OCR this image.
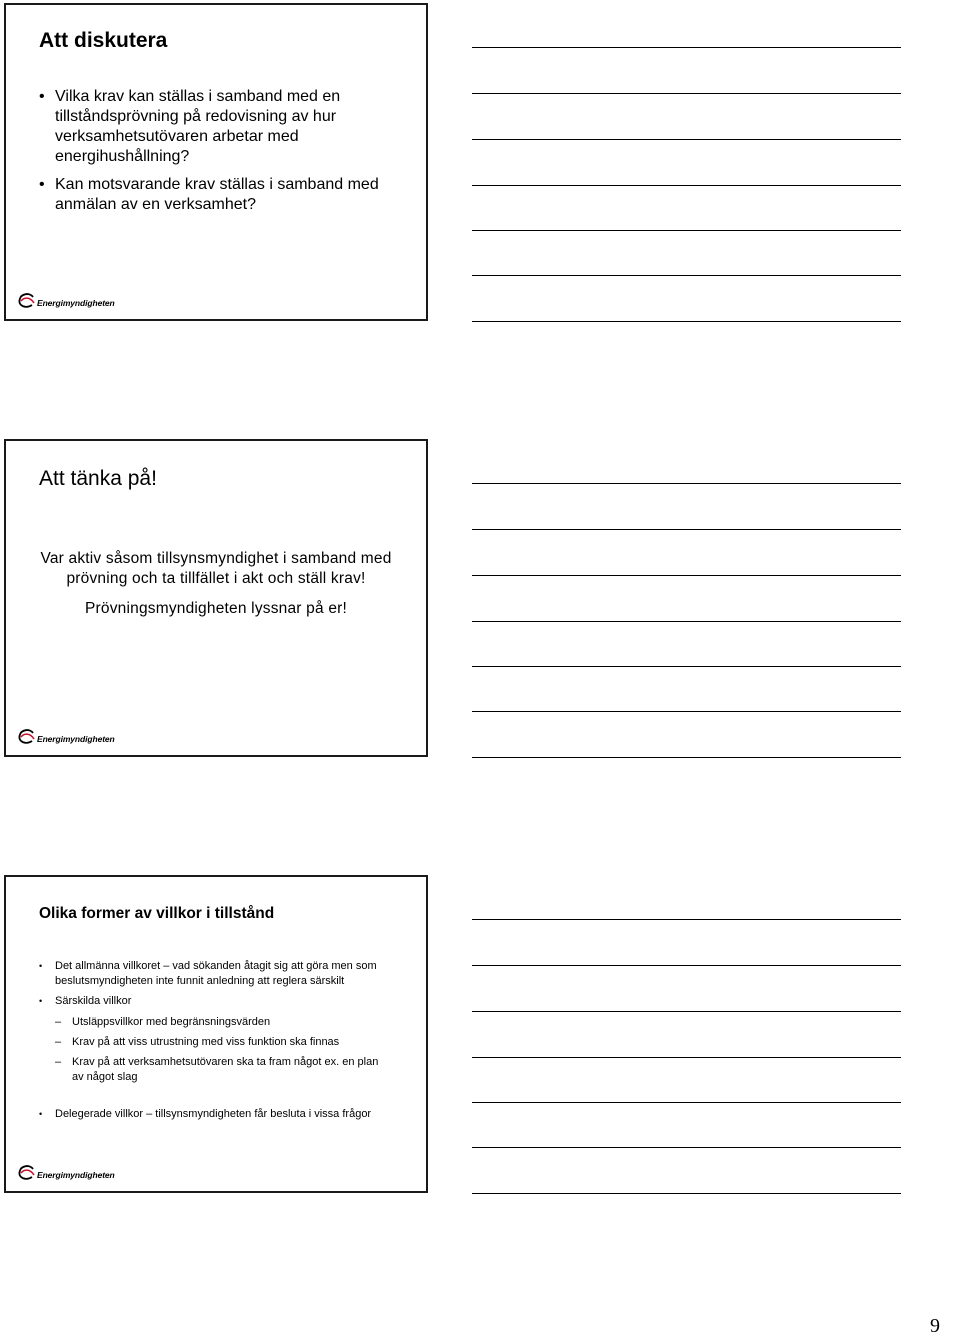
Att diskutera
• Vilka krav kan ställas i samband med en tillståndsprövning på redovisning av hur verksamhetsutövaren arbetar med energihushållning?
• Kan motsvarande krav ställas i samband med anmälan av en verksamhet?
Energimyndigheten
Att tänka på!

Var aktiv såsom tillsynsmyndighet i samband med prövning och ta tillfället i akt och ställ krav!

Prövningsmyndigheten lyssnar på er!

Energimyndigheten
Olika former av villkor i tillstånd
• Det allmänna villkoret – vad sökanden åtagit sig att göra men som beslutsmyndigheten inte funnit anledning att reglera särskilt
• Särskilda villkor
– Utsläppsvillkor med begränsningsvärden
– Krav på att viss utrustning med viss funktion ska finnas
– Krav på att verksamhetsutövaren ska ta fram något ex. en plan av något slag
• Delegerade villkor – tillsynsmyndigheten får besluta i vissa frågor
Energimyndigheten
9
